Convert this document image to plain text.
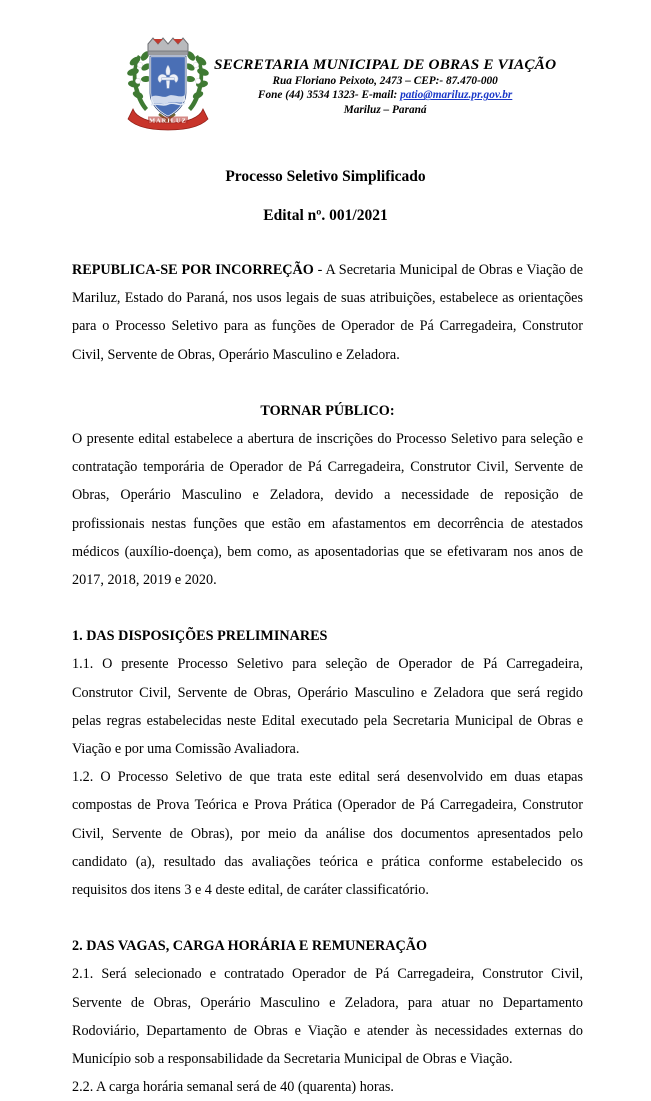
MARILUZ
SECRETARIA MUNICIPAL DE OBRAS E VIAÇÃO
Rua Floriano Peixoto, 2473 – CEP:- 87.470-000
Fone (44) 3534 1323- E-mail: patio@mariluz.pr.gov.br
Mariluz – Paraná
Processo Seletivo Simplificado
Edital nº. 001/2021

REPUBLICA-SE POR INCORREÇÃO - A Secretaria Municipal de Obras e Viação de Mariluz, Estado do Paraná, nos usos legais de suas atribuições, estabelece as orientações para o Processo Seletivo para as funções de Operador de Pá Carregadeira, Construtor Civil, Servente de Obras, Operário Masculino e Zeladora.

TORNAR PÚBLICO:

O presente edital estabelece a abertura de inscrições do Processo Seletivo para seleção e contratação temporária de Operador de Pá Carregadeira, Construtor Civil, Servente de Obras, Operário Masculino e Zeladora, devido a necessidade de reposição de profissionais nestas funções que estão em afastamentos em decorrência de atestados médicos (auxílio-doença), bem como, as aposentadorias que se efetivaram nos anos de 2017, 2018, 2019 e 2020.

1. DAS DISPOSIÇÕES PRELIMINARES

1.1. O presente Processo Seletivo para seleção de Operador de Pá Carregadeira, Construtor Civil, Servente de Obras, Operário Masculino e Zeladora que será regido pelas regras estabelecidas neste Edital executado pela Secretaria Municipal de Obras e Viação e por uma Comissão Avaliadora.

1.2. O Processo Seletivo de que trata este edital será desenvolvido em duas etapas compostas de Prova Teórica e Prova Prática (Operador de Pá Carregadeira, Construtor Civil, Servente de Obras), por meio da análise dos documentos apresentados pelo candidato (a), resultado das avaliações teórica e prática conforme estabelecido os requisitos dos itens 3 e 4 deste edital, de caráter classificatório.

2. DAS VAGAS, CARGA HORÁRIA E REMUNERAÇÃO

2.1. Será selecionado e contratado Operador de Pá Carregadeira, Construtor Civil, Servente de Obras, Operário Masculino e Zeladora, para atuar no Departamento Rodoviário, Departamento de Obras e Viação e atender às necessidades externas do Município sob a responsabilidade da Secretaria Municipal de Obras e Viação.

2.2. A carga horária semanal será de 40 (quarenta) horas.
